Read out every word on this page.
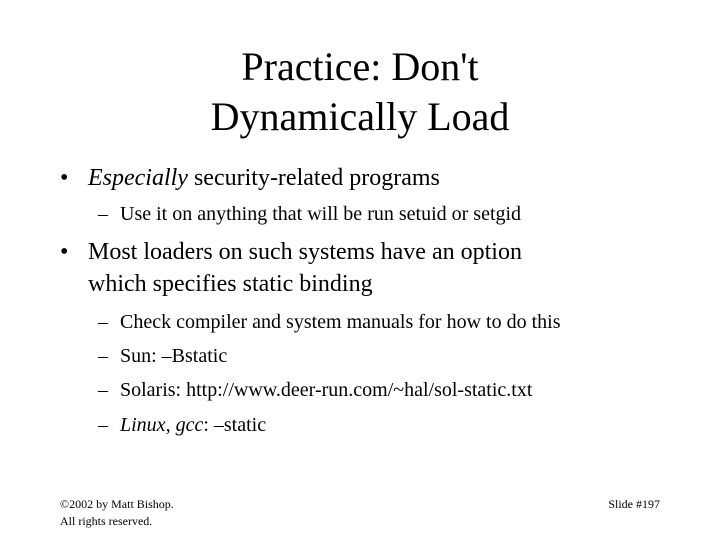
Practice: Don't
Dynamically Load
• Especially security-related programs
– Use it on anything that will be run setuid or setgid
• Most loaders on such systems have an option
which specifies static binding
– Check compiler and system manuals for how to do this
– Sun: –Bstatic
– Solaris: http://www.deer-run.com/~hal/sol-static.txt
– Linux, gcc: –static
©2002 by Matt Bishop.
All rights reserved.
Slide #197
